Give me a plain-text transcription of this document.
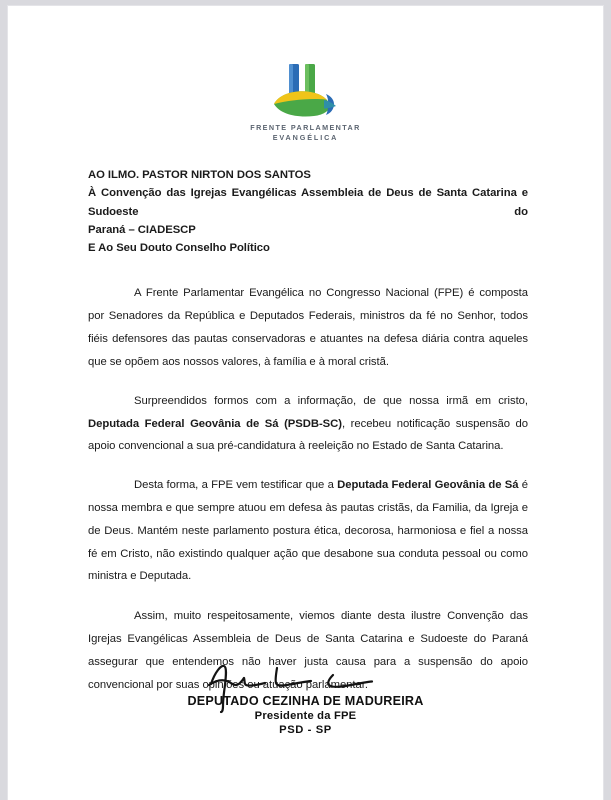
FRENTE PARLAMENTAR
EVANGÉLICA
AO ILMO. PASTOR NIRTON DOS SANTOS
À Convenção das Igrejas Evangélicas Assembleia de Deus de Santa Catarina e Sudoeste do
Paraná – CIADESCP
E Ao Seu Douto Conselho Político

A Frente Parlamentar Evangélica no Congresso Nacional (FPE) é composta por Senadores da República e Deputados Federais, ministros da fé no Senhor, todos fiéis defensores das pautas conservadoras e atuantes na defesa diária contra aqueles que se opõem aos nossos valores, à família e à moral cristã.

Surpreendidos formos com a informação, de que nossa irmã em cristo, Deputada Federal Geovânia de Sá (PSDB-SC), recebeu notificação suspensão do apoio convencional a sua pré-candidatura à reeleição no Estado de Santa Catarina.

Desta forma, a FPE vem testificar que a Deputada Federal Geovânia de Sá é nossa membra e que sempre atuou em defesa às pautas cristãs, da Familia, da Igreja e de Deus. Mantém neste parlamento postura ética, decorosa, harmoniosa e fiel a nossa fé em Cristo, não existindo qualquer ação que desabone sua conduta pessoal ou como ministra e Deputada.

Assim, muito respeitosamente, viemos diante desta ilustre Convenção das Igrejas Evangélicas Assembleia de Deus de Santa Catarina e Sudoeste do Paraná assegurar que entendemos não haver justa causa para a suspensão do apoio convencional por suas opiniões ou atuação parlamentar.

DEPUTADO CEZINHA DE MADUREIRA
Presidente da FPE
PSD - SP
